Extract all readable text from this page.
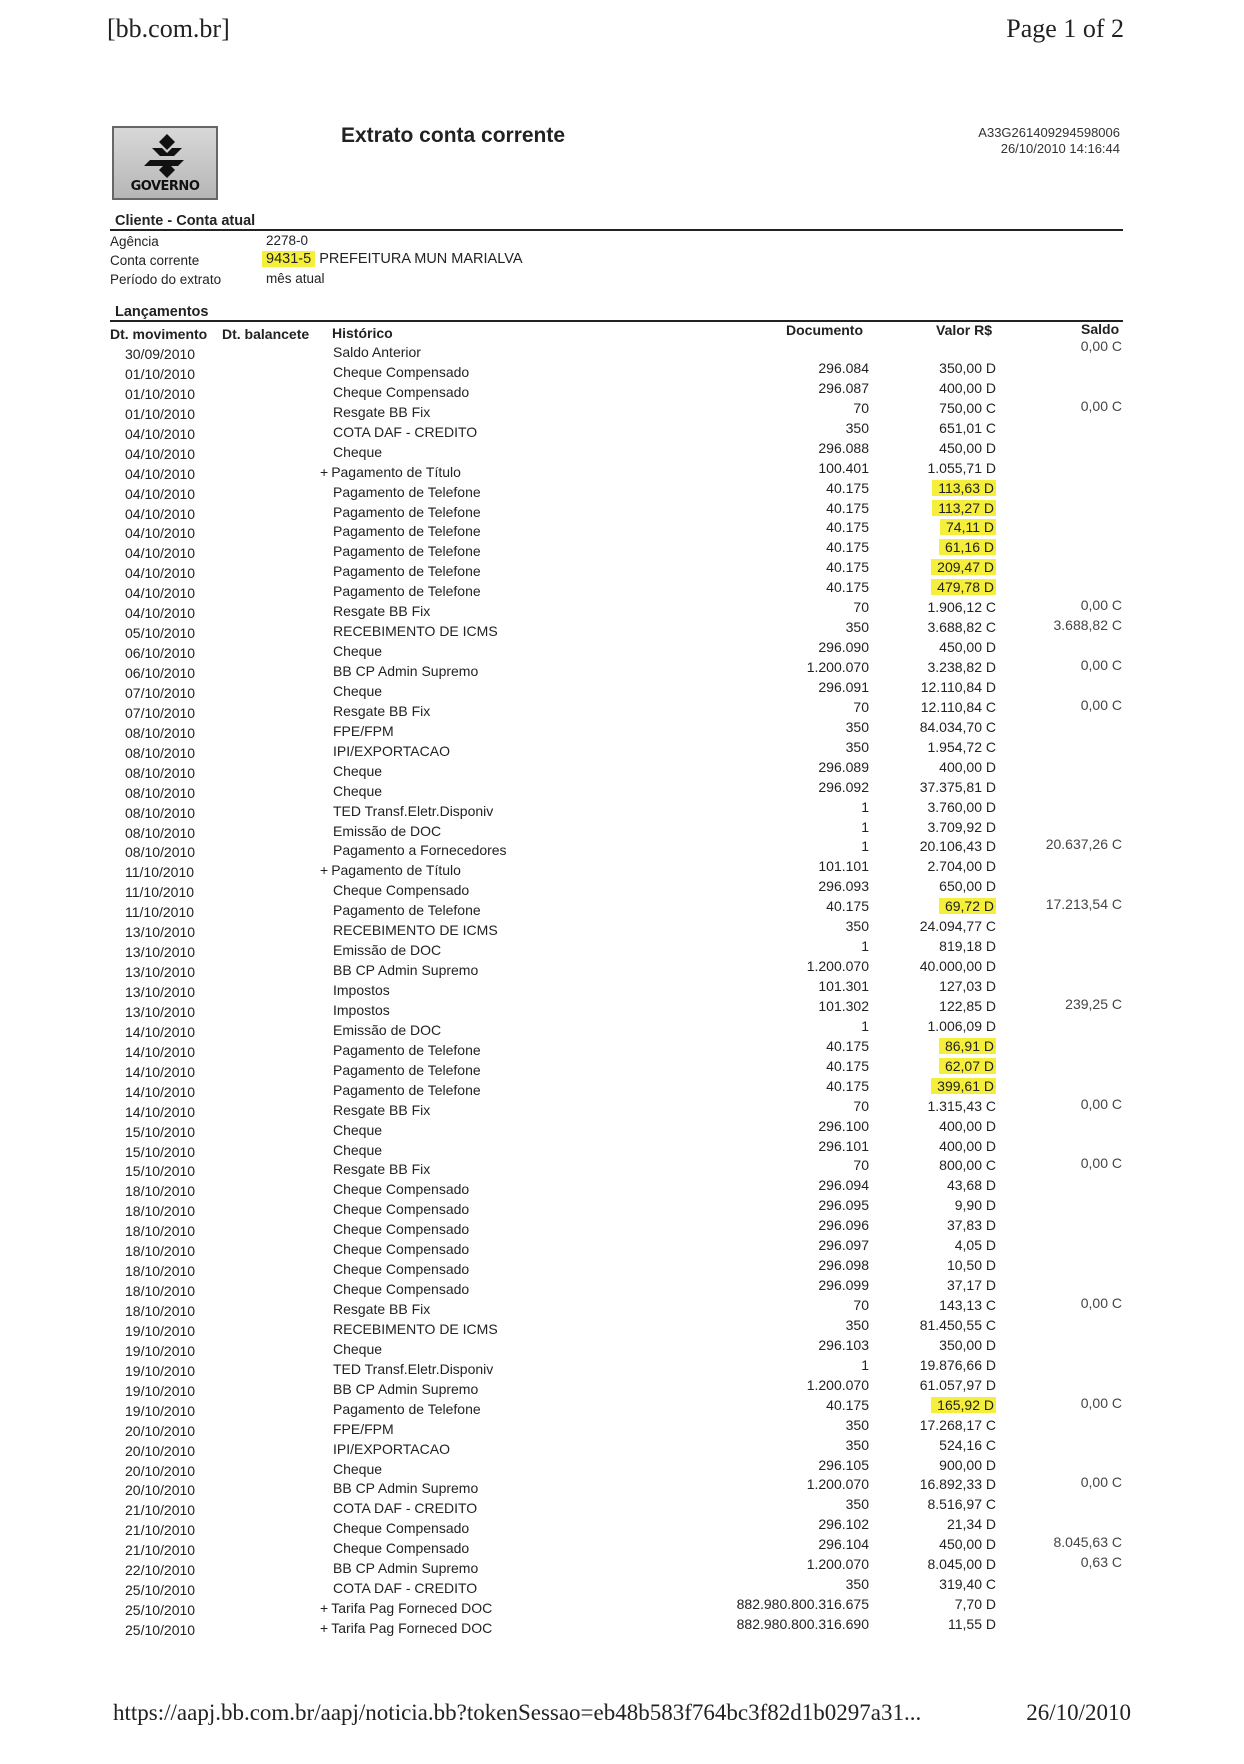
[bb.com.br]	Page 1 of 2
GOVERNO
Extrato conta corrente	A33G261409294598006
26/10/2010 14:16:44
Cliente - Conta atual
Agência	2278-0
Conta corrente	9431-5 PREFEITURA MUN MARIALVA
Período do extrato	mês atual
Lançamentos
Dt. movimento Dt. balancete Histórico	Documento	Valor R$	Saldo
30/09/2010	Saldo Anterior	0,00 C
01/10/2010	Cheque Compensado	296.084	350,00 D
01/10/2010	Cheque Compensado	296.087	400,00 D
01/10/2010	Resgate BB Fix	70	750,00 C	0,00 C
04/10/2010	COTA DAF - CREDITO	350	651,01 C
04/10/2010	Cheque	296.088	450,00 D
04/10/2010	+ Pagamento de Título	100.401	1.055,71 D
04/10/2010	Pagamento de Telefone	40.175	113,63 D
04/10/2010	Pagamento de Telefone	40.175	113,27 D
04/10/2010	Pagamento de Telefone	40.175	74,11 D
04/10/2010	Pagamento de Telefone	40.175	61,16 D
04/10/2010	Pagamento de Telefone	40.175	209,47 D
04/10/2010	Pagamento de Telefone	40.175	479,78 D
04/10/2010	Resgate BB Fix	70	1.906,12 C	0,00 C
05/10/2010	RECEBIMENTO DE ICMS	350	3.688,82 C	3.688,82 C
06/10/2010	Cheque	296.090	450,00 D
06/10/2010	BB CP Admin Supremo	1.200.070	3.238,82 D	0,00 C
07/10/2010	Cheque	296.091	12.110,84 D
07/10/2010	Resgate BB Fix	70	12.110,84 C	0,00 C
08/10/2010	FPE/FPM	350	84.034,70 C
08/10/2010	IPI/EXPORTACAO	350	1.954,72 C
08/10/2010	Cheque	296.089	400,00 D
08/10/2010	Cheque	296.092	37.375,81 D
08/10/2010	TED Transf.Eletr.Disponiv	1	3.760,00 D
08/10/2010	Emissão de DOC	1	3.709,92 D
08/10/2010	Pagamento a Fornecedores	1	20.106,43 D	20.637,26 C
11/10/2010	+ Pagamento de Título	101.101	2.704,00 D
11/10/2010	Cheque Compensado	296.093	650,00 D
11/10/2010	Pagamento de Telefone	40.175	69,72 D	17.213,54 C
13/10/2010	RECEBIMENTO DE ICMS	350	24.094,77 C
13/10/2010	Emissão de DOC	1	819,18 D
13/10/2010	BB CP Admin Supremo	1.200.070	40.000,00 D
13/10/2010	Impostos	101.301	127,03 D
13/10/2010	Impostos	101.302	122,85 D	239,25 C
14/10/2010	Emissão de DOC	1	1.006,09 D
14/10/2010	Pagamento de Telefone	40.175	86,91 D
14/10/2010	Pagamento de Telefone	40.175	62,07 D
14/10/2010	Pagamento de Telefone	40.175	399,61 D
14/10/2010	Resgate BB Fix	70	1.315,43 C	0,00 C
15/10/2010	Cheque	296.100	400,00 D
15/10/2010	Cheque	296.101	400,00 D
15/10/2010	Resgate BB Fix	70	800,00 C	0,00 C
18/10/2010	Cheque Compensado	296.094	43,68 D
18/10/2010	Cheque Compensado	296.095	9,90 D
18/10/2010	Cheque Compensado	296.096	37,83 D
18/10/2010	Cheque Compensado	296.097	4,05 D
18/10/2010	Cheque Compensado	296.098	10,50 D
18/10/2010	Cheque Compensado	296.099	37,17 D
18/10/2010	Resgate BB Fix	70	143,13 C	0,00 C
19/10/2010	RECEBIMENTO DE ICMS	350	81.450,55 C
19/10/2010	Cheque	296.103	350,00 D
19/10/2010	TED Transf.Eletr.Disponiv	1	19.876,66 D
19/10/2010	BB CP Admin Supremo	1.200.070	61.057,97 D
19/10/2010	Pagamento de Telefone	40.175	165,92 D	0,00 C
20/10/2010	FPE/FPM	350	17.268,17 C
20/10/2010	IPI/EXPORTACAO	350	524,16 C
20/10/2010	Cheque	296.105	900,00 D
20/10/2010	BB CP Admin Supremo	1.200.070	16.892,33 D	0,00 C
21/10/2010	COTA DAF - CREDITO	350	8.516,97 C
21/10/2010	Cheque Compensado	296.102	21,34 D
21/10/2010	Cheque Compensado	296.104	450,00 D	8.045,63 C
22/10/2010	BB CP Admin Supremo	1.200.070	8.045,00 D	0,63 C
25/10/2010	COTA DAF - CREDITO	350	319,40 C
25/10/2010	+ Tarifa Pag Forneced DOC	882.980.800.316.675	7,70 D
25/10/2010	+ Tarifa Pag Forneced DOC	882.980.800.316.690	11,55 D
https://aapj.bb.com.br/aapj/noticia.bb?tokenSessao=eb48b583f764bc3f82d1b0297a31...	26/10/2010
